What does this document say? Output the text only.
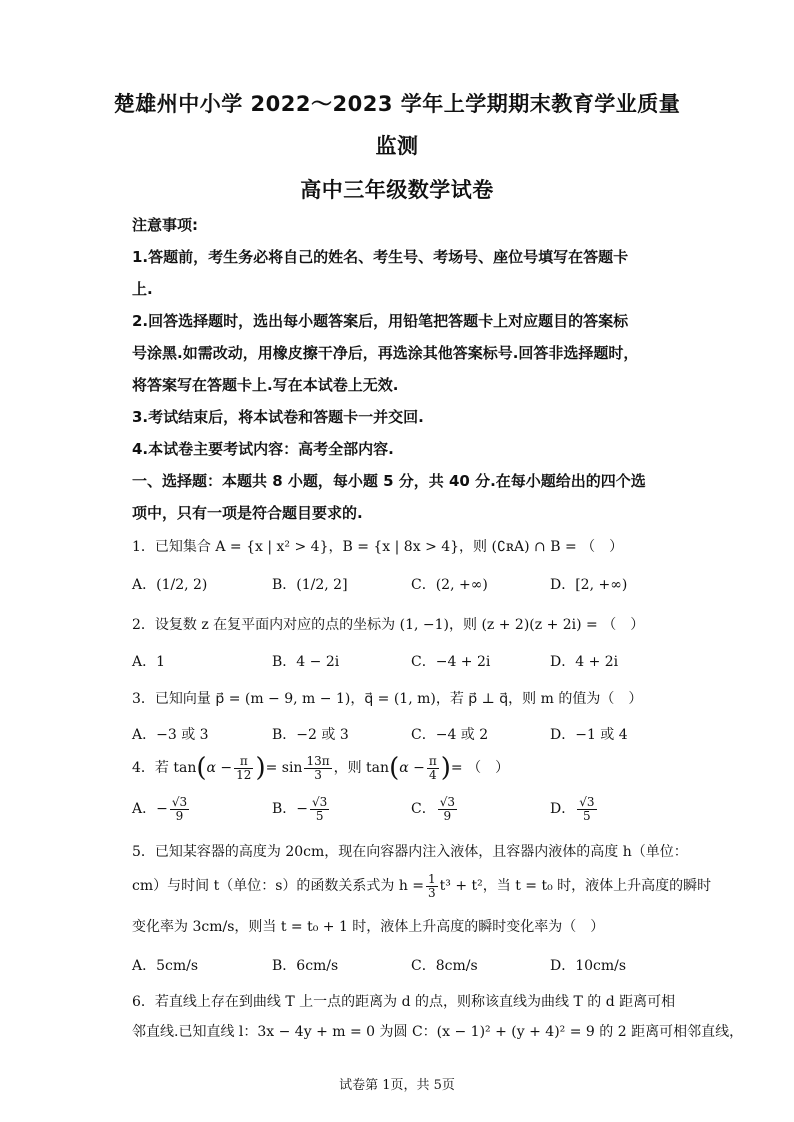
楚雄州中小学 2022～2023 学年上学期期末教育学业质量
监测
高中三年级数学试卷
注意事项:
1.答题前，考生务必将自己的姓名、考生号、考场号、座位号填写在答题卡
上.
2.回答选择题时，选出每小题答案后，用铅笔把答题卡上对应题目的答案标
号涂黑.如需改动，用橡皮擦干净后，再选涂其他答案标号.回答非选择题时，
将答案写在答题卡上.写在本试卷上无效.
3.考试结束后，将本试卷和答题卡一并交回.
4.本试卷主要考试内容：高考全部内容.
一、选择题：本题共 8 小题，每小题 5 分，共 40 分.在每小题给出的四个选
项中，只有一项是符合题目要求的.
1．已知集合 A = {x | x² > 4}，B = {x | 8x > 4}，则 (∁ʀA) ∩ B = （　）
A．(1/2, 2)	B．(1/2, 2]	C．(2, +∞)	D．[2, +∞)
2．设复数 z 在复平面内对应的点的坐标为 (1, −1)，则 (z + 2)(z + 2i) = （　）
A．1	B．4 − 2i	C．−4 + 2i	D．4 + 2i
3．已知向量 p⃗ = (m − 9, m − 1)，q⃗ = (1, m)，若 p⃗ ⊥ q⃗，则 m 的值为（　）
A．−3 或 3	B．−2 或 3	C．−4 或 2	D．−1 或 4
4．若 $\tan(\alpha - \frac{\pi}{12}$ )= $\sin \frac{13\pi}{3}$ ，则 $\tan(\alpha - \frac{\pi}{4}$ )= （　）
A．− $\frac{√3}{9}$	B．− $\frac{√3}{5}$	C． $\frac{√3}{9}$	D． $\frac{√3}{5}$
5．已知某容器的高度为 20cm，现在向容器内注入液体，且容器内液体的高度 h（单位：
cm）与时间 t（单位：s）的函数关系式为 $h = \frac{1}{3} t^3 + t^2$，当 t = t₀ 时，液体上升高度的瞬时
变化率为 3cm/s，则当 t = t₀ + 1 时，液体上升高度的瞬时变化率为（　）
A．5cm/s	B．6cm/s	C．8cm/s	D．10cm/s
6．若直线上存在到曲线 T 上一点的距离为 d 的点，则称该直线为曲线 T 的 d 距离可相
邻直线.已知直线 l：3x − 4y + m = 0 为圆 C：(x − 1)² + (y + 4)² = 9 的 2 距离可相邻直线，
试卷第 1页，共 5页
